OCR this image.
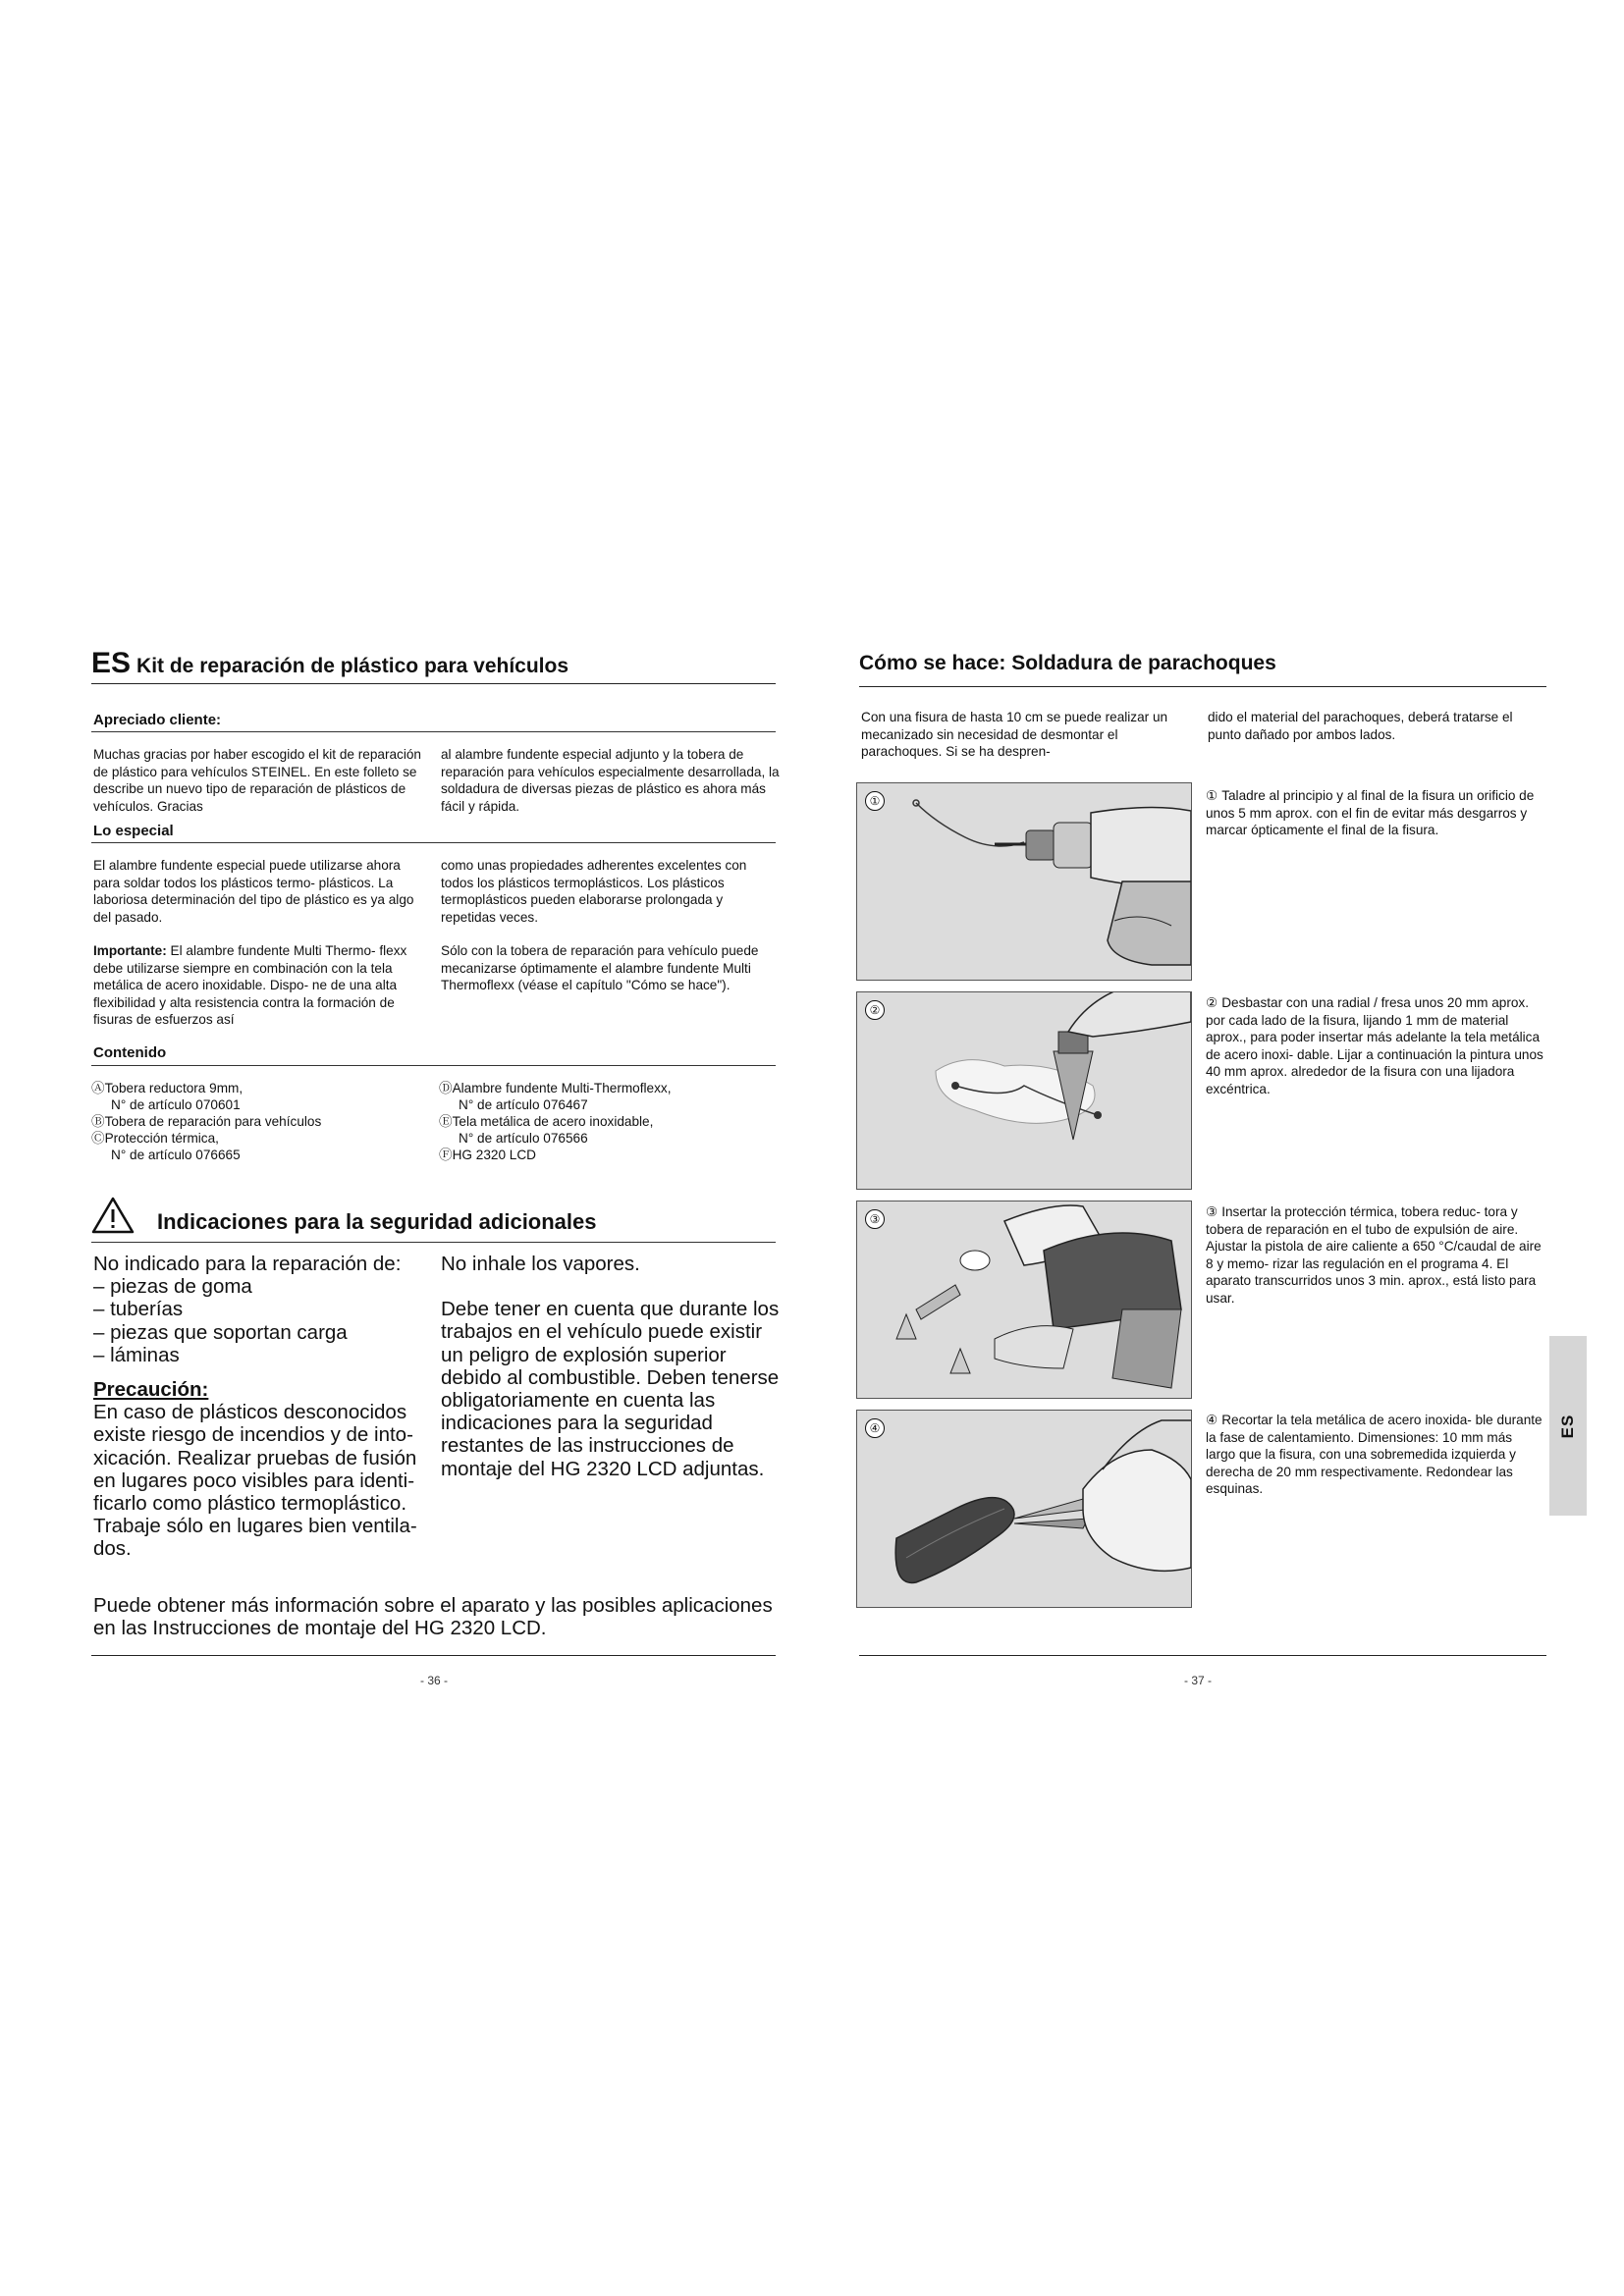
ES Kit de reparación de plástico para vehículos
Apreciado cliente:
Muchas gracias por haber escogido el kit de reparación de plástico para vehículos STEINEL. En este folleto se describe un nuevo tipo de reparación de plásticos de vehículos. Gracias
al alambre fundente especial adjunto y la tobera de reparación para vehículos especialmente desarrollada, la soldadura de diversas piezas de plástico es ahora más fácil y rápida.
Lo especial
El alambre fundente especial puede utilizarse ahora para soldar todos los plásticos termo- plásticos. La laboriosa determinación del tipo de plástico es ya algo del pasado.
como unas propiedades adherentes excelentes con todos los plásticos termoplásticos. Los plásticos termoplásticos pueden elaborarse prolongada y repetidas veces.
Importante: El alambre fundente Multi Thermo- flexx debe utilizarse siempre en combinación con la tela metálica de acero inoxidable. Dispo- ne de una alta flexibilidad y alta resistencia contra la formación de fisuras de esfuerzos así
Sólo con la tobera de reparación para vehículo puede mecanizarse óptimamente el alambre fundente Multi Thermoflexx (véase el capítulo "Cómo se hace").
Contenido
ⒶTobera reductora 9mm,
N° de artículo 070601
ⒷTobera de reparación para vehículos
ⒸProtección térmica,
N° de artículo 076665
ⒹAlambre fundente Multi-Thermoflexx,
N° de artículo 076467
ⒺTela metálica de acero inoxidable,
N° de artículo 076566
ⒻHG 2320 LCD
Indicaciones para la seguridad adicionales
No indicado para la reparación de:
– piezas de goma
– tuberías
– piezas que soportan carga
– láminas
Precaución:
En caso de plásticos desconocidos existe riesgo de incendios y de into- xicación. Realizar pruebas de fusión en lugares poco visibles para identi- ficarlo como plástico termoplástico. Trabaje sólo en lugares bien ventila- dos.
No inhale los vapores.
Debe tener en cuenta que durante los trabajos en el vehículo puede existir un peligro de explosión superior debido al combustible. Deben tenerse obligatoriamente en cuenta las indicaciones para la seguridad restantes de las instrucciones de montaje del HG 2320 LCD adjuntas.
Puede obtener más información sobre el aparato y las posibles aplicaciones en las Instrucciones de montaje del HG 2320 LCD.
- 36 -
Cómo se hace: Soldadura de parachoques
Con una fisura de hasta 10 cm se puede realizar un mecanizado sin necesidad de desmontar el parachoques. Si se ha despren-
dido el material del parachoques, deberá tratarse el punto dañado por ambos lados.
①	① Taladre al principio y al final de la fisura un orificio de unos 5 mm aprox. con el fin de evitar más desgarros y marcar ópticamente el final de la fisura.
②	② Desbastar con una radial / fresa unos 20 mm aprox. por cada lado de la fisura, lijando 1 mm de material aprox., para poder insertar más adelante la tela metálica de acero inoxi- dable. Lijar a continuación la pintura unos 40 mm aprox. alrededor de la fisura con una lijadora excéntrica.
③	③ Insertar la protección térmica, tobera reduc- tora y tobera de reparación en el tubo de expulsión de aire. Ajustar la pistola de aire caliente a 650 °C/caudal de aire 8 y memo- rizar las regulación en el programa 4. El aparato transcurridos unos 3 min. aprox., está listo para usar.
④
④ Recortar la tela metálica de acero inoxida- ble durante la fase de calentamiento. Dimensiones: 10 mm más largo que la fisura, con una sobremedida izquierda y derecha de 20 mm respectivamente. Redondear las esquinas.
ES
- 37 -
